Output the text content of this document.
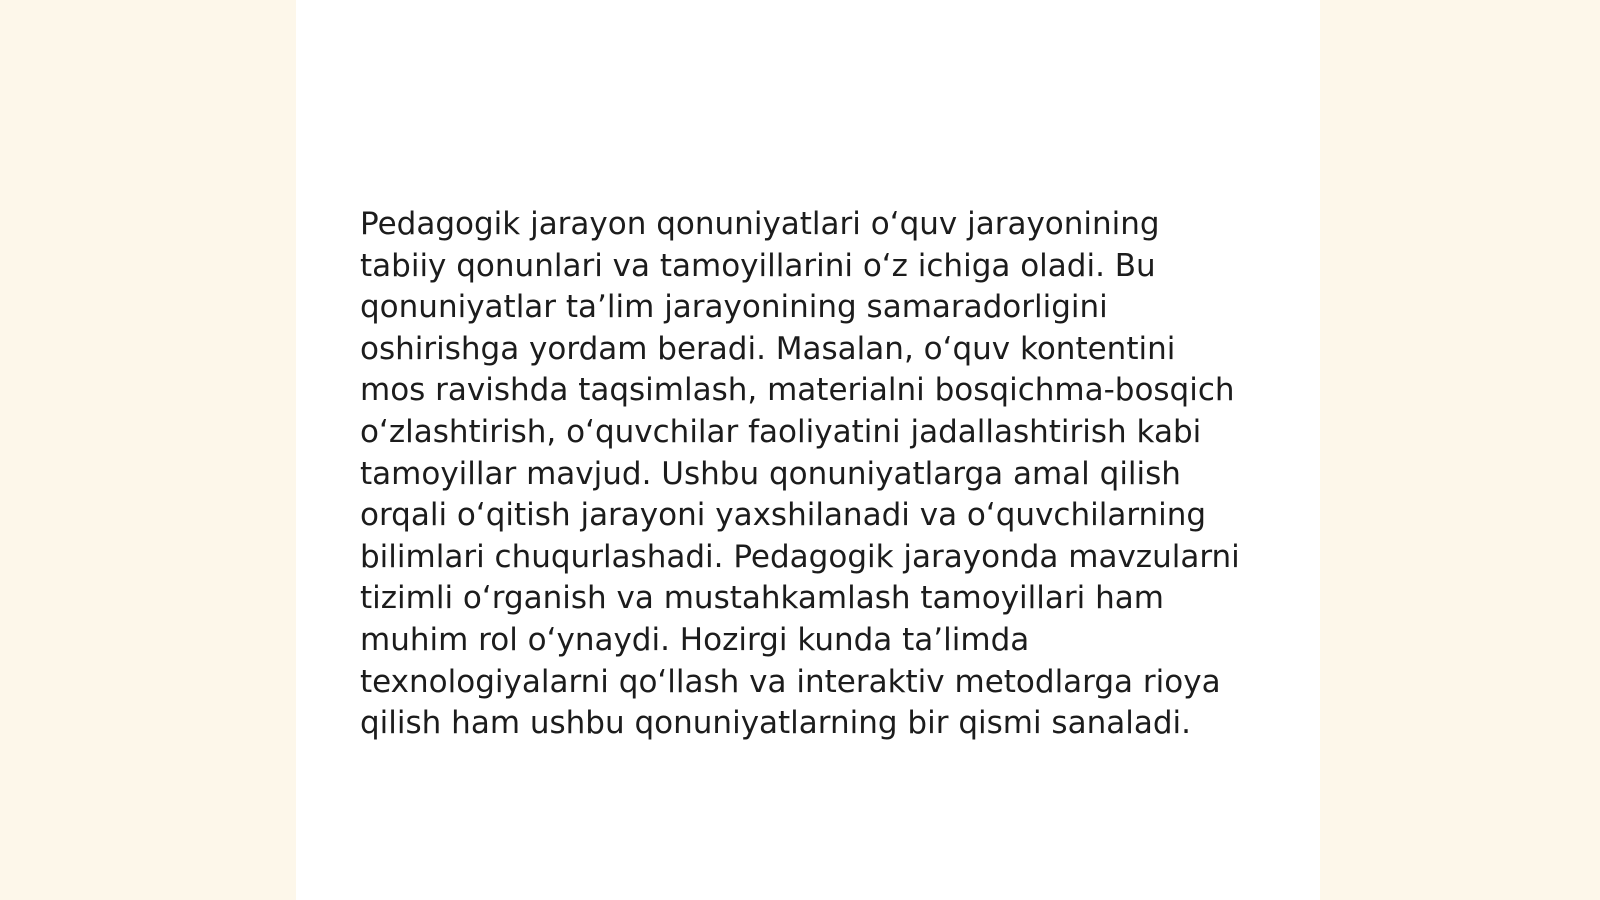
Pedagogik jarayon qonuniyatlari o‘quv jarayonining tabiiy qonunlari va tamoyillarini o‘z ichiga oladi. Bu qonuniyatlar ta’lim jarayonining samaradorligini oshirishga yordam beradi. Masalan, o‘quv kontentini mos ravishda taqsimlash, materialni bosqichma-bosqich o‘zlashtirish, o‘quvchilar faoliyatini jadallashtirish kabi tamoyillar mavjud. Ushbu qonuniyatlarga amal qilish orqali o‘qitish jarayoni yaxshilanadi va o‘quvchilarning bilimlari chuqurlashadi. Pedagogik jarayonda mavzularni tizimli o‘rganish va mustahkamlash tamoyillari ham muhim rol o‘ynaydi. Hozirgi kunda ta’limda texnologiyalarni qo‘llash va interaktiv metodlarga rioya qilish ham ushbu qonuniyatlarning bir qismi sanaladi.
